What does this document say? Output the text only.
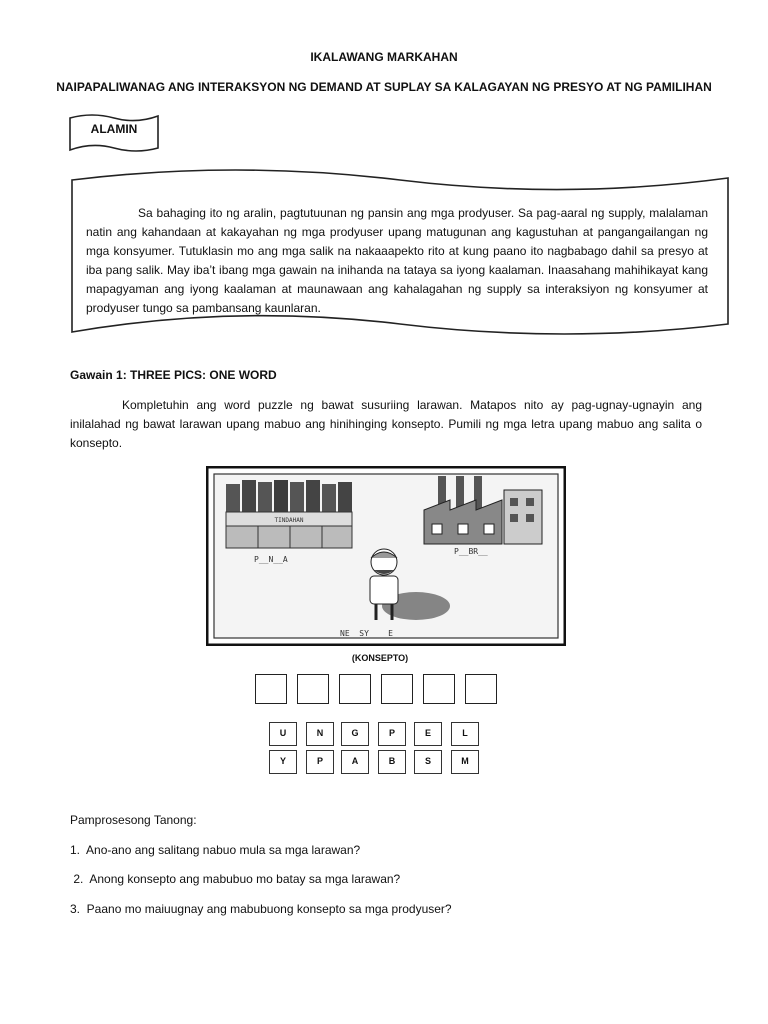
IKALAWANG MARKAHAN
NAIPAPALIWANAG ANG INTERAKSYON NG DEMAND AT SUPLAY SA KALAGAYAN NG PRESYO AT NG PAMILIHAN
ALAMIN
Sa bahaging ito ng aralin, pagtutuunan ng pansin ang mga prodyuser. Sa pag-aaral ng supply, malalaman natin ang kahandaan at kakayahan ng mga prodyuser upang matugunan ang kagustuhan at pangangailangan ng mga konsyumer. Tutuklasin mo ang mga salik na nakaaapekto rito at kung paano ito nagbabago dahil sa presyo at iba pang salik. May iba’t ibang mga gawain na inihanda na tataya sa iyong kaalaman. Inaasahang mahihikayat kang mapagyaman ang iyong kaalaman at maunawaan ang kahalagahan ng supply sa interaksiyon ng konsyumer at prodyuser tungo sa pambansang kaunlaran.
Gawain 1: THREE PICS: ONE WORD
Kompletuhin ang word puzzle ng bawat susuriing larawan. Matapos nito ay pag-ugnay-ugnayin ang inilalahad ng bawat larawan upang mabuo ang hinihinging konsepto. Pumili ng mga letra upang mabuo ang salita o konsepto.
TINDAHAN
P__N__A
P__BR__
NE__SY____E
(KONSEPTO)
U	N	G	P	E	L
Y	P	A	B	S	M
Pamprosesong Tanong:
1.  Ano-ano ang salitang nabuo mula sa mga larawan?
2.  Anong konsepto ang mabubuo mo batay sa mga larawan?
3.  Paano mo maiuugnay ang mabubuong konsepto sa mga prodyuser?
